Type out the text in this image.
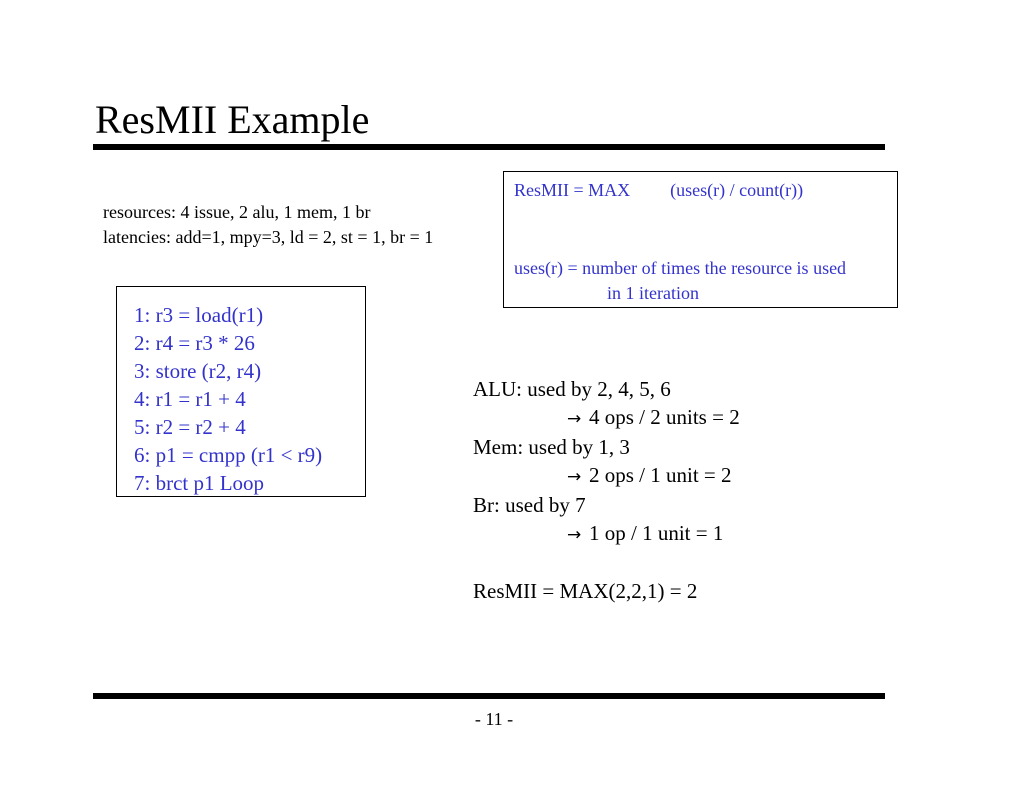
ResMII Example
resources: 4 issue, 2 alu, 1 mem, 1 br
latencies: add=1, mpy=3, ld = 2, st = 1, br = 1
ResMII = MAX (uses(r) / count(r))
uses(r) = number of times the resource is used
in 1 iteration
1: r3 = load(r1)
2: r4 = r3 * 26
3: store (r2, r4)
4: r1 = r1 + 4
5: r2 = r2 + 4
6: p1 = cmpp (r1 < r9)
7: brct p1 Loop
ALU: used by 2, 4, 5, 6
→ 4 ops / 2 units = 2
Mem: used by 1, 3
→ 2 ops / 1 unit = 2
Br: used by 7
→ 1 op / 1 unit = 1
ResMII = MAX(2,2,1) = 2
- 11 -
